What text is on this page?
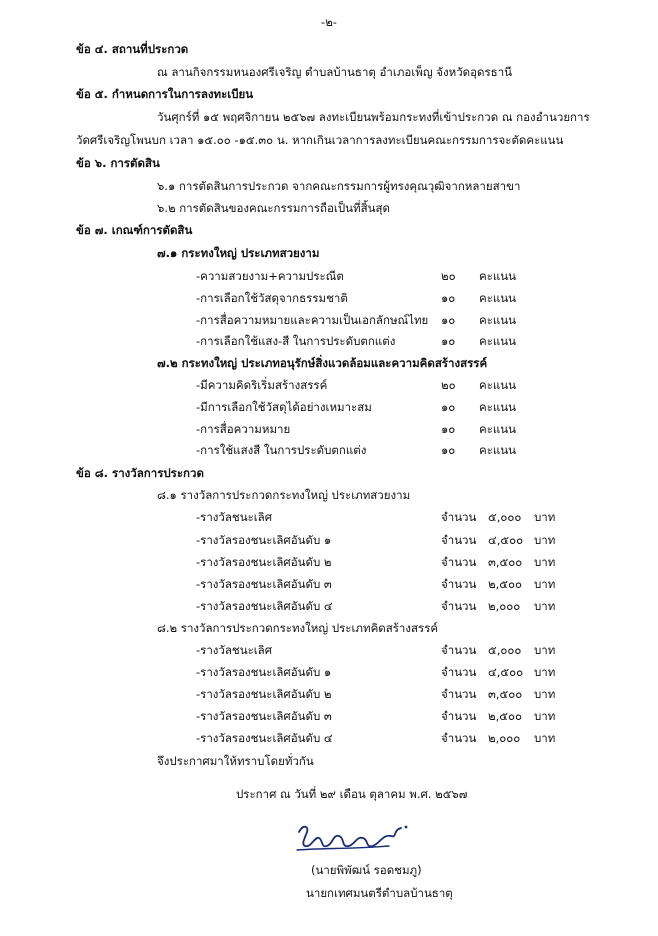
-๒-
ข้อ ๔. สถานที่ประกวด
ณ ลานกิจกรรมหนองศรีเจริญ ตำบลบ้านธาตุ อำเภอเพ็ญ จังหวัดอุดรธานี
ข้อ ๕. กำหนดการในการลงทะเบียน
วันศุกร์ที่ ๑๕ พฤศจิกายน ๒๕๖๗ ลงทะเบียนพร้อมกระทงที่เข้าประกวด ณ กองอำนวยการ
วัดศรีเจริญโพนบก เวลา ๑๕.๐๐ -๑๕.๓๐ น. หากเกินเวลาการลงทะเบียนคณะกรรมการจะตัดคะแนน
ข้อ ๖. การตัดสิน
๖.๑ การตัดสินการประกวด จากคณะกรรมการผู้ทรงคุณวุฒิจากหลายสาขา
๖.๒ การตัดสินของคณะกรรมการถือเป็นที่สิ้นสุด
ข้อ ๗. เกณฑ์การตัดสิน
๗.๑ กระทงใหญ่ ประเภทสวยงาม
-ความสวยงาม+ความประณีต	๒๐ คะแนน
-การเลือกใช้วัสดุจากธรรมชาติ	๑๐ คะแนน
-การสื่อความหมายและความเป็นเอกลักษณ์ไทย ๑๐ คะแนน
-การเลือกใช้แสง-สี ในการประดับตกแต่ง	๑๐ คะแนน
๗.๒ กระทงใหญ่ ประเภทอนุรักษ์สิ่งแวดล้อมและความคิดสร้างสรรค์
-มีความคิดริเริ่มสร้างสรรค์	๒๐ คะแนน
-มีการเลือกใช้วัสดุได้อย่างเหมาะสม	๑๐ คะแนน
-การสื่อความหมาย	๑๐ คะแนน
-การใช้แสงสี ในการประดับตกแต่ง	๑๐ คะแนน
ข้อ ๘. รางวัลการประกวด
๘.๑ รางวัลการประกวดกระทงใหญ่ ประเภทสวยงาม
-รางวัลชนะเลิศ	จำนวน ๕,๐๐๐ บาท
-รางวัลรองชนะเลิศอันดับ ๑	จำนวน ๔,๕๐๐ บาท
-รางวัลรองชนะเลิศอันดับ ๒	จำนวน ๓,๕๐๐ บาท
-รางวัลรองชนะเลิศอันดับ ๓	จำนวน ๒,๕๐๐ บาท
-รางวัลรองชนะเลิศอันดับ ๔	จำนวน ๒,๐๐๐ บาท
๘.๒ รางวัลการประกวดกระทงใหญ่ ประเภทคิดสร้างสรรค์
-รางวัลชนะเลิศ	จำนวน ๕,๐๐๐ บาท
-รางวัลรองชนะเลิศอันดับ ๑	จำนวน ๔,๕๐๐ บาท
-รางวัลรองชนะเลิศอันดับ ๒	จำนวน ๓,๕๐๐ บาท
-รางวัลรองชนะเลิศอันดับ ๓	จำนวน ๒,๕๐๐ บาท
-รางวัลรองชนะเลิศอันดับ ๔	จำนวน ๒,๐๐๐ บาท
จึงประกาศมาให้ทราบโดยทั่วกัน
ประกาศ ณ วันที่ ๒๙ เดือน ตุลาคม พ.ศ. ๒๕๖๗
(นายพิพัฒน์ รอดชมภู)
นายกเทศมนตรีตำบลบ้านธาตุ
